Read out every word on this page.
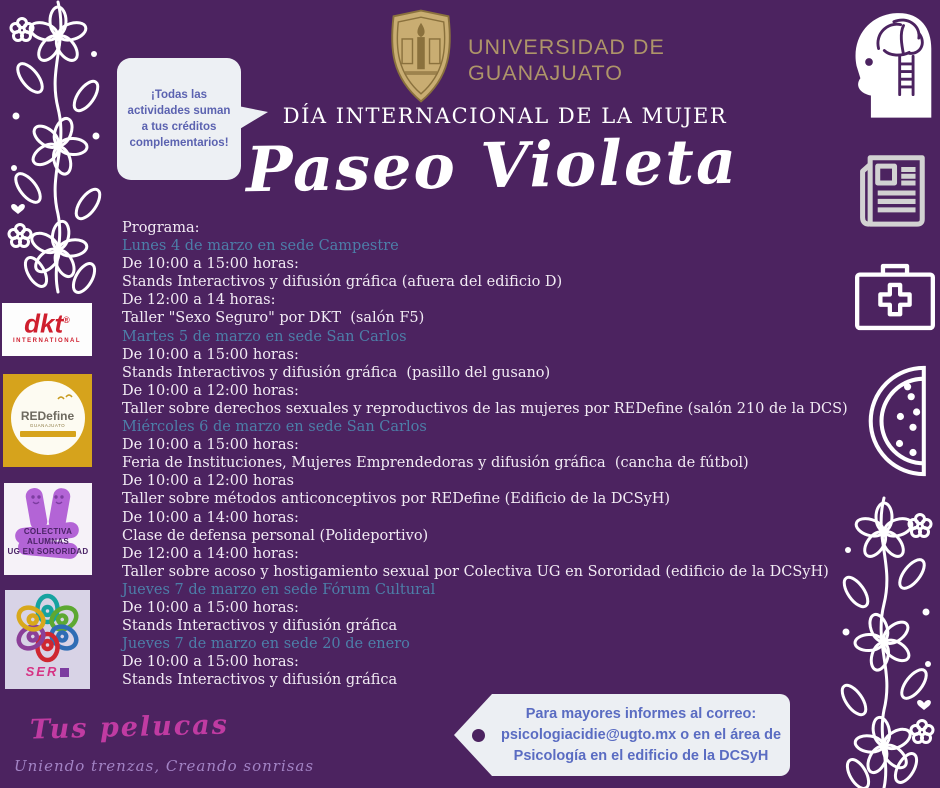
¡Todas las actividades suman a tus créditos complementarios!
UNIVERSIDAD DE
GUANAJUATO
DÍA INTERNACIONAL DE LA MUJER
Paseo Violeta
Programa:
Lunes 4 de marzo en sede Campestre
De 10:00 a 15:00 horas:
Stands Interactivos y difusión gráfica (afuera del edificio D)
De 12:00 a 14 horas:
Taller "Sexo Seguro" por DKT  (salón F5)
Martes 5 de marzo en sede San Carlos
De 10:00 a 15:00 horas:
Stands Interactivos y difusión gráfica  (pasillo del gusano)
De 10:00 a 12:00 horas:
Taller sobre derechos sexuales y reproductivos de las mujeres por REDefine (salón 210 de la DCS)
Miércoles 6 de marzo en sede San Carlos
De 10:00 a 15:00 horas:
Feria de Instituciones, Mujeres Emprendedoras y difusión gráfica  (cancha de fútbol)
De 10:00 a 12:00 horas
Taller sobre métodos anticonceptivos por REDefine (Edificio de la DCSyH)
De 10:00 a 14:00 horas:
Clase de defensa personal (Polideportivo)
De 12:00 a 14:00 horas:
Taller sobre acoso y hostigamiento sexual por Colectiva UG en Sororidad (edificio de la DCSyH)
Jueves 7 de marzo en sede Fórum Cultural
De 10:00 a 15:00 horas:
Stands Interactivos y difusión gráfica
Jueves 7 de marzo en sede 20 de enero
De 10:00 a 15:00 horas:
Stands Interactivos y difusión gráfica
dkt®
INTERNATIONAL
REDefine
GUANAJUATO
COLECTIVA ALUMNAS
UG EN SORORIDAD
SER
Para mayores informes al correo:
psicologiacidie@ugto.mx o en el área de
Psicología en el edificio de la DCSyH
Tus pelucas
Uniendo trenzas, Creando sonrisas
